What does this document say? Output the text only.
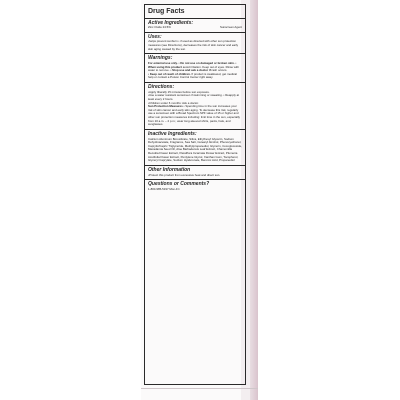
Drug Facts
Active Ingredients:
Zinc Oxide 24.5%	Sunscreen Agent
Uses:
• helps prevent sunburn • if used as directed with other sun protection measures (see Directions), decreases the risk of skin cancer and early skin aging caused by the sun
Warnings:
For external use only. • Do not use on damaged or broken skin. • When using this product avoid irritation. Keep out of eyes. Rinse with water to remove. • Stop use and ask a doctor if rash occurs.
• Keep out of reach of children. If product is swallowed, get medical help or contact a Poison Control Center right away.
Directions:
• Apply liberally 15 minutes before sun exposure.
• Use a water resistant sunscreen if swimming or sweating. • Reapply at least every 2 hours.
• Children under 6 months: Ask a doctor.
Sun Protection Measures • Spending time in the sun increases your risk of skin cancer and early skin aging. To decrease this risk, regularly use a sunscreen with a Broad Spectrum SPF value of 15 or higher and other sun protection measures including: limit time in the sun, especially from 10 a.m. – 2 p.m.; wear long-sleeved shirts, pants, hats, and sunglasses.
Inactive Ingredients:
Calcium Aluminum Borosilicate, Silica, Ethylhexyl Glycerin, Sodium Dehydroacetate, Fragrance, Sea Salt, Cetearyl Alcohol, Phenoxyethanol, Caprylic/Capric Triglyceride, Methylpropanediol, Glycerin, Cocoglucoside, Macadamia Seed Oil, Aloe Barbadensis Leaf Extract, Chamomilla Recutita Flower Extract, Passiflora Incarnata Flower Extract, Plumeria Acutifolia Flower Extract, Pentylene Glycol, Xanthan Gum, Tocopherol, Glyceryl Caprylate, Sodium Hyaluronate, Benzoic Acid, Propanediol
Other Information
• Protect this product from excessive heat and direct sun.
Questions or Comments?
1-800-985-5197 Mon-Fri
